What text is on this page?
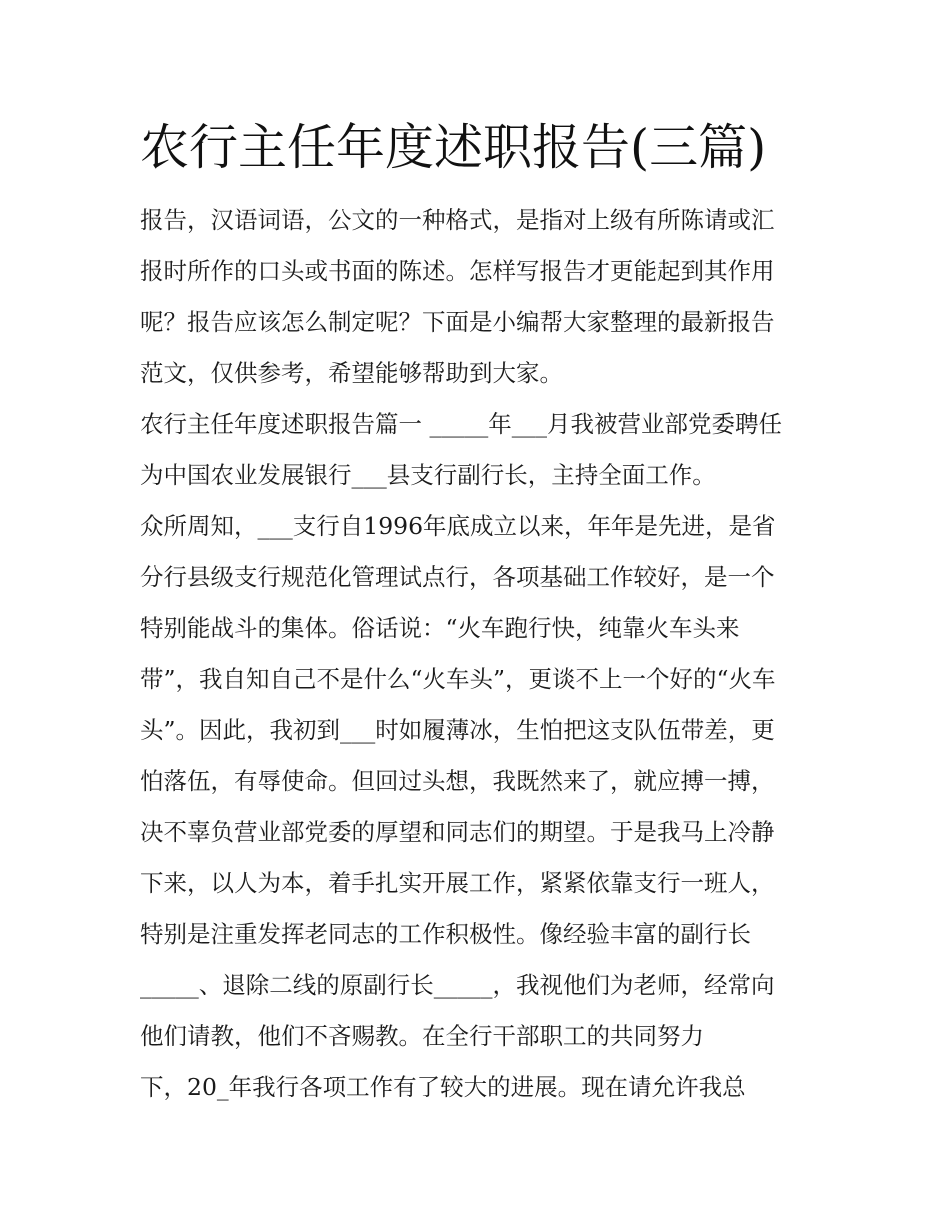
农行主任年度述职报告(三篇)

报告，汉语词语，公文的一种格式，是指对上级有所陈请或汇

报时所作的口头或书面的陈述。怎样写报告才更能起到其作用

呢？报告应该怎么制定呢？下面是小编帮大家整理的最新报告

范文，仅供参考，希望能够帮助到大家。

农行主任年度述职报告篇一 _____年___月我被营业部党委聘任

为中国农业发展银行___县支行副行长，主持全面工作。

众所周知，___支行自1996年底成立以来，年年是先进，是省

分行县级支行规范化管理试点行，各项基础工作较好，是一个

特别能战斗的集体。俗话说：“火车跑行快，纯靠火车头来

带”，我自知自己不是什么“火车头”，更谈不上一个好的“火车

头”。因此，我初到___时如履薄冰，生怕把这支队伍带差，更

怕落伍，有辱使命。但回过头想，我既然来了，就应搏一搏，

决不辜负营业部党委的厚望和同志们的期望。于是我马上冷静

下来，以人为本，着手扎实开展工作，紧紧依靠支行一班人，

特别是注重发挥老同志的工作积极性。像经验丰富的副行长

_____、退除二线的原副行长_____，我视他们为老师，经常向

他们请教，他们不吝赐教。在全行干部职工的共同努力

下，20_年我行各项工作有了较大的进展。现在请允许我总
